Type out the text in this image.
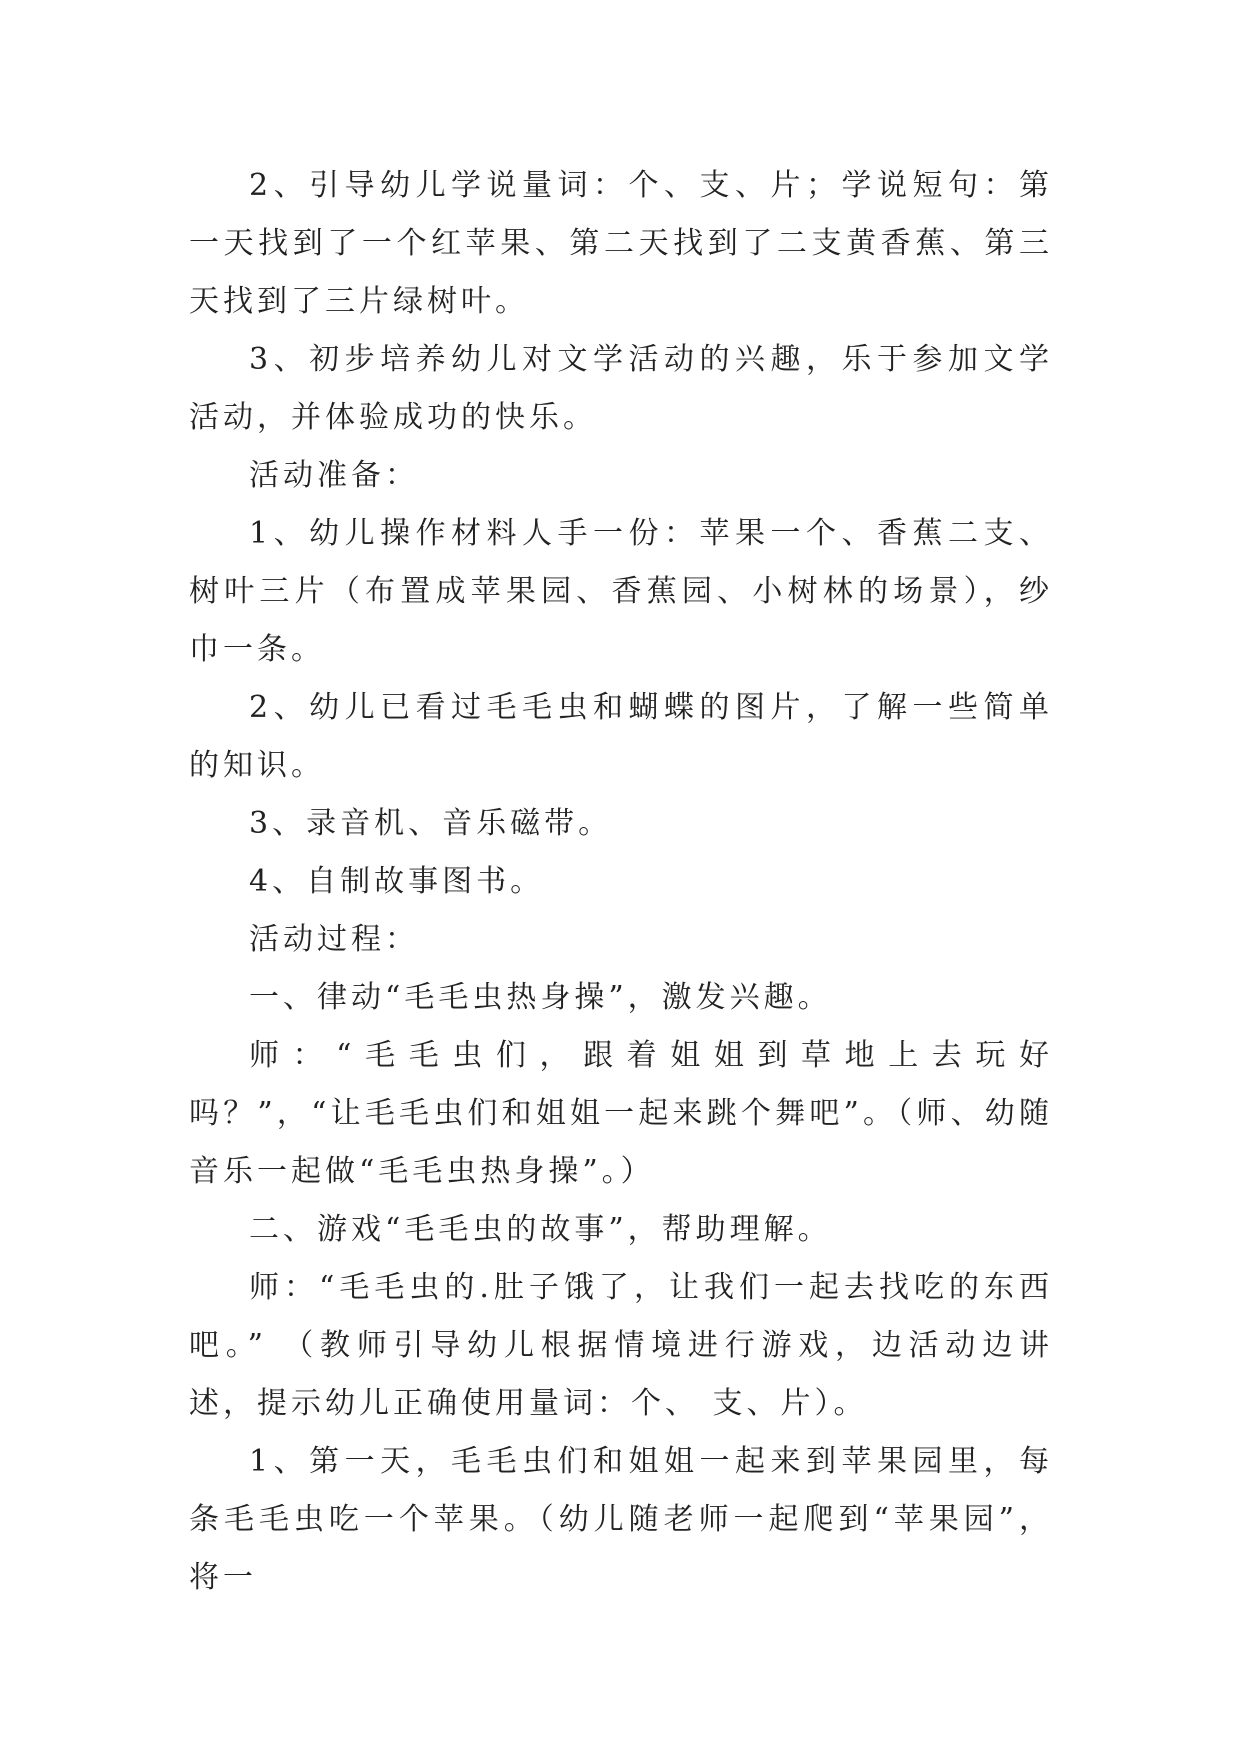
2、引导幼儿学说量词：个、支、片；学说短句：第一天找到了一个红苹果、第二天找到了二支黄香蕉、第三天找到了三片绿树叶。

3、初步培养幼儿对文学活动的兴趣，乐于参加文学活动，并体验成功的快乐。

活动准备：

1、幼儿操作材料人手一份：苹果一个、香蕉二支、树叶三片（布置成苹果园、香蕉园、小树林的场景），纱巾一条。

2、幼儿已看过毛毛虫和蝴蝶的图片，了解一些简单的知识。

3、录音机、音乐磁带。

4、自制故事图书。

活动过程：

一、律动“毛毛虫热身操”，激发兴趣。

师：“毛毛虫们，跟着姐姐到草地上去玩好吗？”，“让毛毛虫们和姐姐一起来跳个舞吧”。（师、幼随音乐一起做“毛毛虫热身操”。）

二、游戏“毛毛虫的故事”，帮助理解。

师：“毛毛虫的.肚子饿了，让我们一起去找吃的东西吧。” （教师引导幼儿根据情境进行游戏，边活动边讲述，提示幼儿正确使用量词：个、 支、片）。

1、第一天，毛毛虫们和姐姐一起来到苹果园里，每条毛毛虫吃一个苹果。（幼儿随老师一起爬到“苹果园”，将一
